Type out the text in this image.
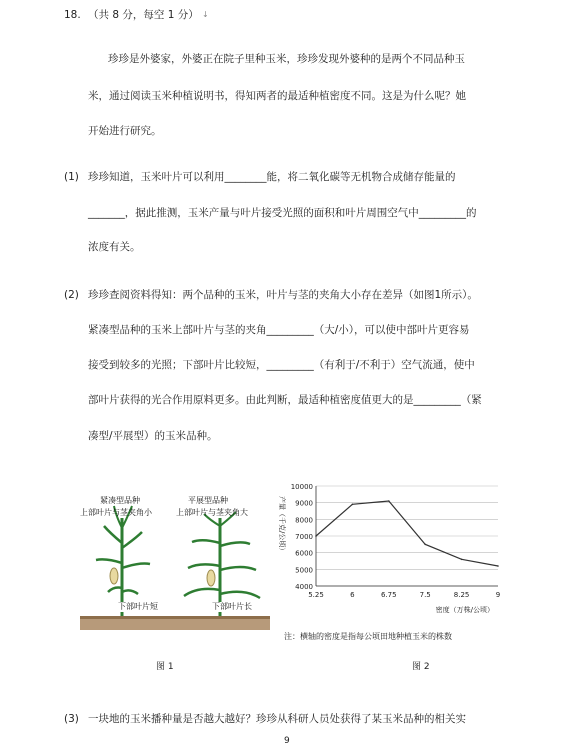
18. （共 8 分，每空 1 分） ↓
珍珍是外婆家，外婆正在院子里种玉米，珍珍发现外婆种的是两个不同品种玉
米，通过阅读玉米种植说明书，得知两者的最适种植密度不同。这是为什么呢？她
开始进行研究。
(1) 珍珍知道，玉米叶片可以利用________能，将二氧化碳等无机物合成储存能量的
_______，据此推测，玉米产量与叶片接受光照的面积和叶片周围空气中_________的
浓度有关。
(2) 珍珍查阅资料得知：两个品种的玉米，叶片与茎的夹角大小存在差异（如图1所示）。
紧凑型品种的玉米上部叶片与茎的夹角_________（大/小），可以使中部叶片更容易
接受到较多的光照；下部叶片比较短，_________（有利于/不利于）空气流通，使中
部叶片获得的光合作用原料更多。由此判断，最适种植密度值更大的是_________（紧
凑型/平展型）的玉米品种。
紧凑型品种
上部叶片与茎夹角小
平展型品种
上部叶片与茎夹角大
下部叶片短	下部叶片长
图 1
4000
5000
6000
7000
8000
9000
10000
5.25	6	6.75	7.5	8.25	9
产量（千克/公顷）
密度（万株/公顷）
注：横轴的密度是指每公顷田地种植玉米的株数
图 2
(3) 一块地的玉米播种量是否越大越好？珍珍从科研人员处获得了某玉米品种的相关实
9
